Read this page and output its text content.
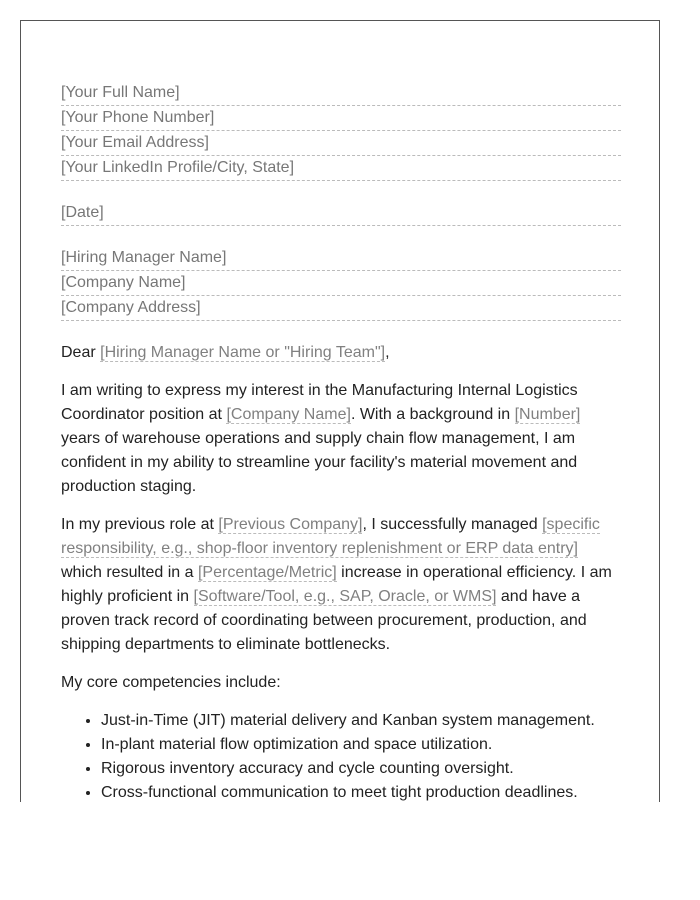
[Your Full Name]
[Your Phone Number]
[Your Email Address]
[Your LinkedIn Profile/City, State]
[Date]
[Hiring Manager Name]
[Company Name]
[Company Address]
Dear [Hiring Manager Name or "Hiring Team"],

I am writing to express my interest in the Manufacturing Internal Logistics Coordinator position at [Company Name]. With a background in [Number] years of warehouse operations and supply chain flow management, I am confident in my ability to streamline your facility's material movement and production staging.

In my previous role at [Previous Company], I successfully managed [specific responsibility, e.g., shop-floor inventory replenishment or ERP data entry] which resulted in a [Percentage/Metric] increase in operational efficiency. I am highly proficient in [Software/Tool, e.g., SAP, Oracle, or WMS] and have a proven track record of coordinating between procurement, production, and shipping departments to eliminate bottlenecks.

My core competencies include:

• Just-in-Time (JIT) material delivery and Kanban system management.
• In-plant material flow optimization and space utilization.
• Rigorous inventory accuracy and cycle counting oversight.
• Cross-functional communication to meet tight production deadlines.
